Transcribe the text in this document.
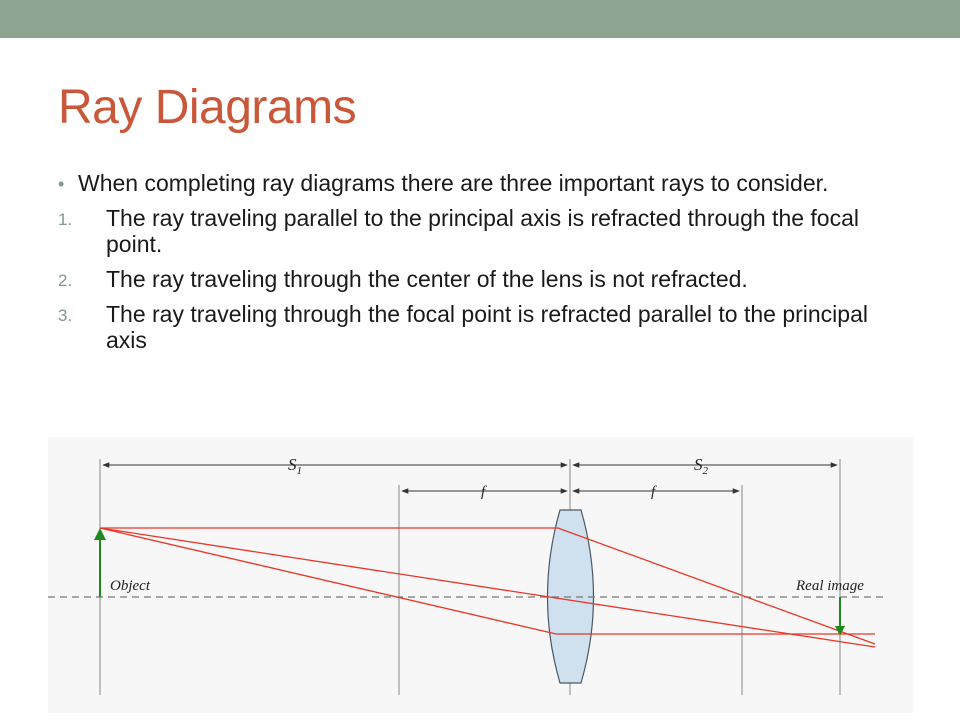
Ray Diagrams
• When completing ray diagrams there are three important rays to consider.
1. The ray traveling parallel to the principal axis is refracted through the focal point.
2. The ray traveling through the center of the lens is not refracted.
3. The ray traveling through the focal point is refracted parallel to the principal axis
$S_1$	$S_2$
f	f
Object	Real image
